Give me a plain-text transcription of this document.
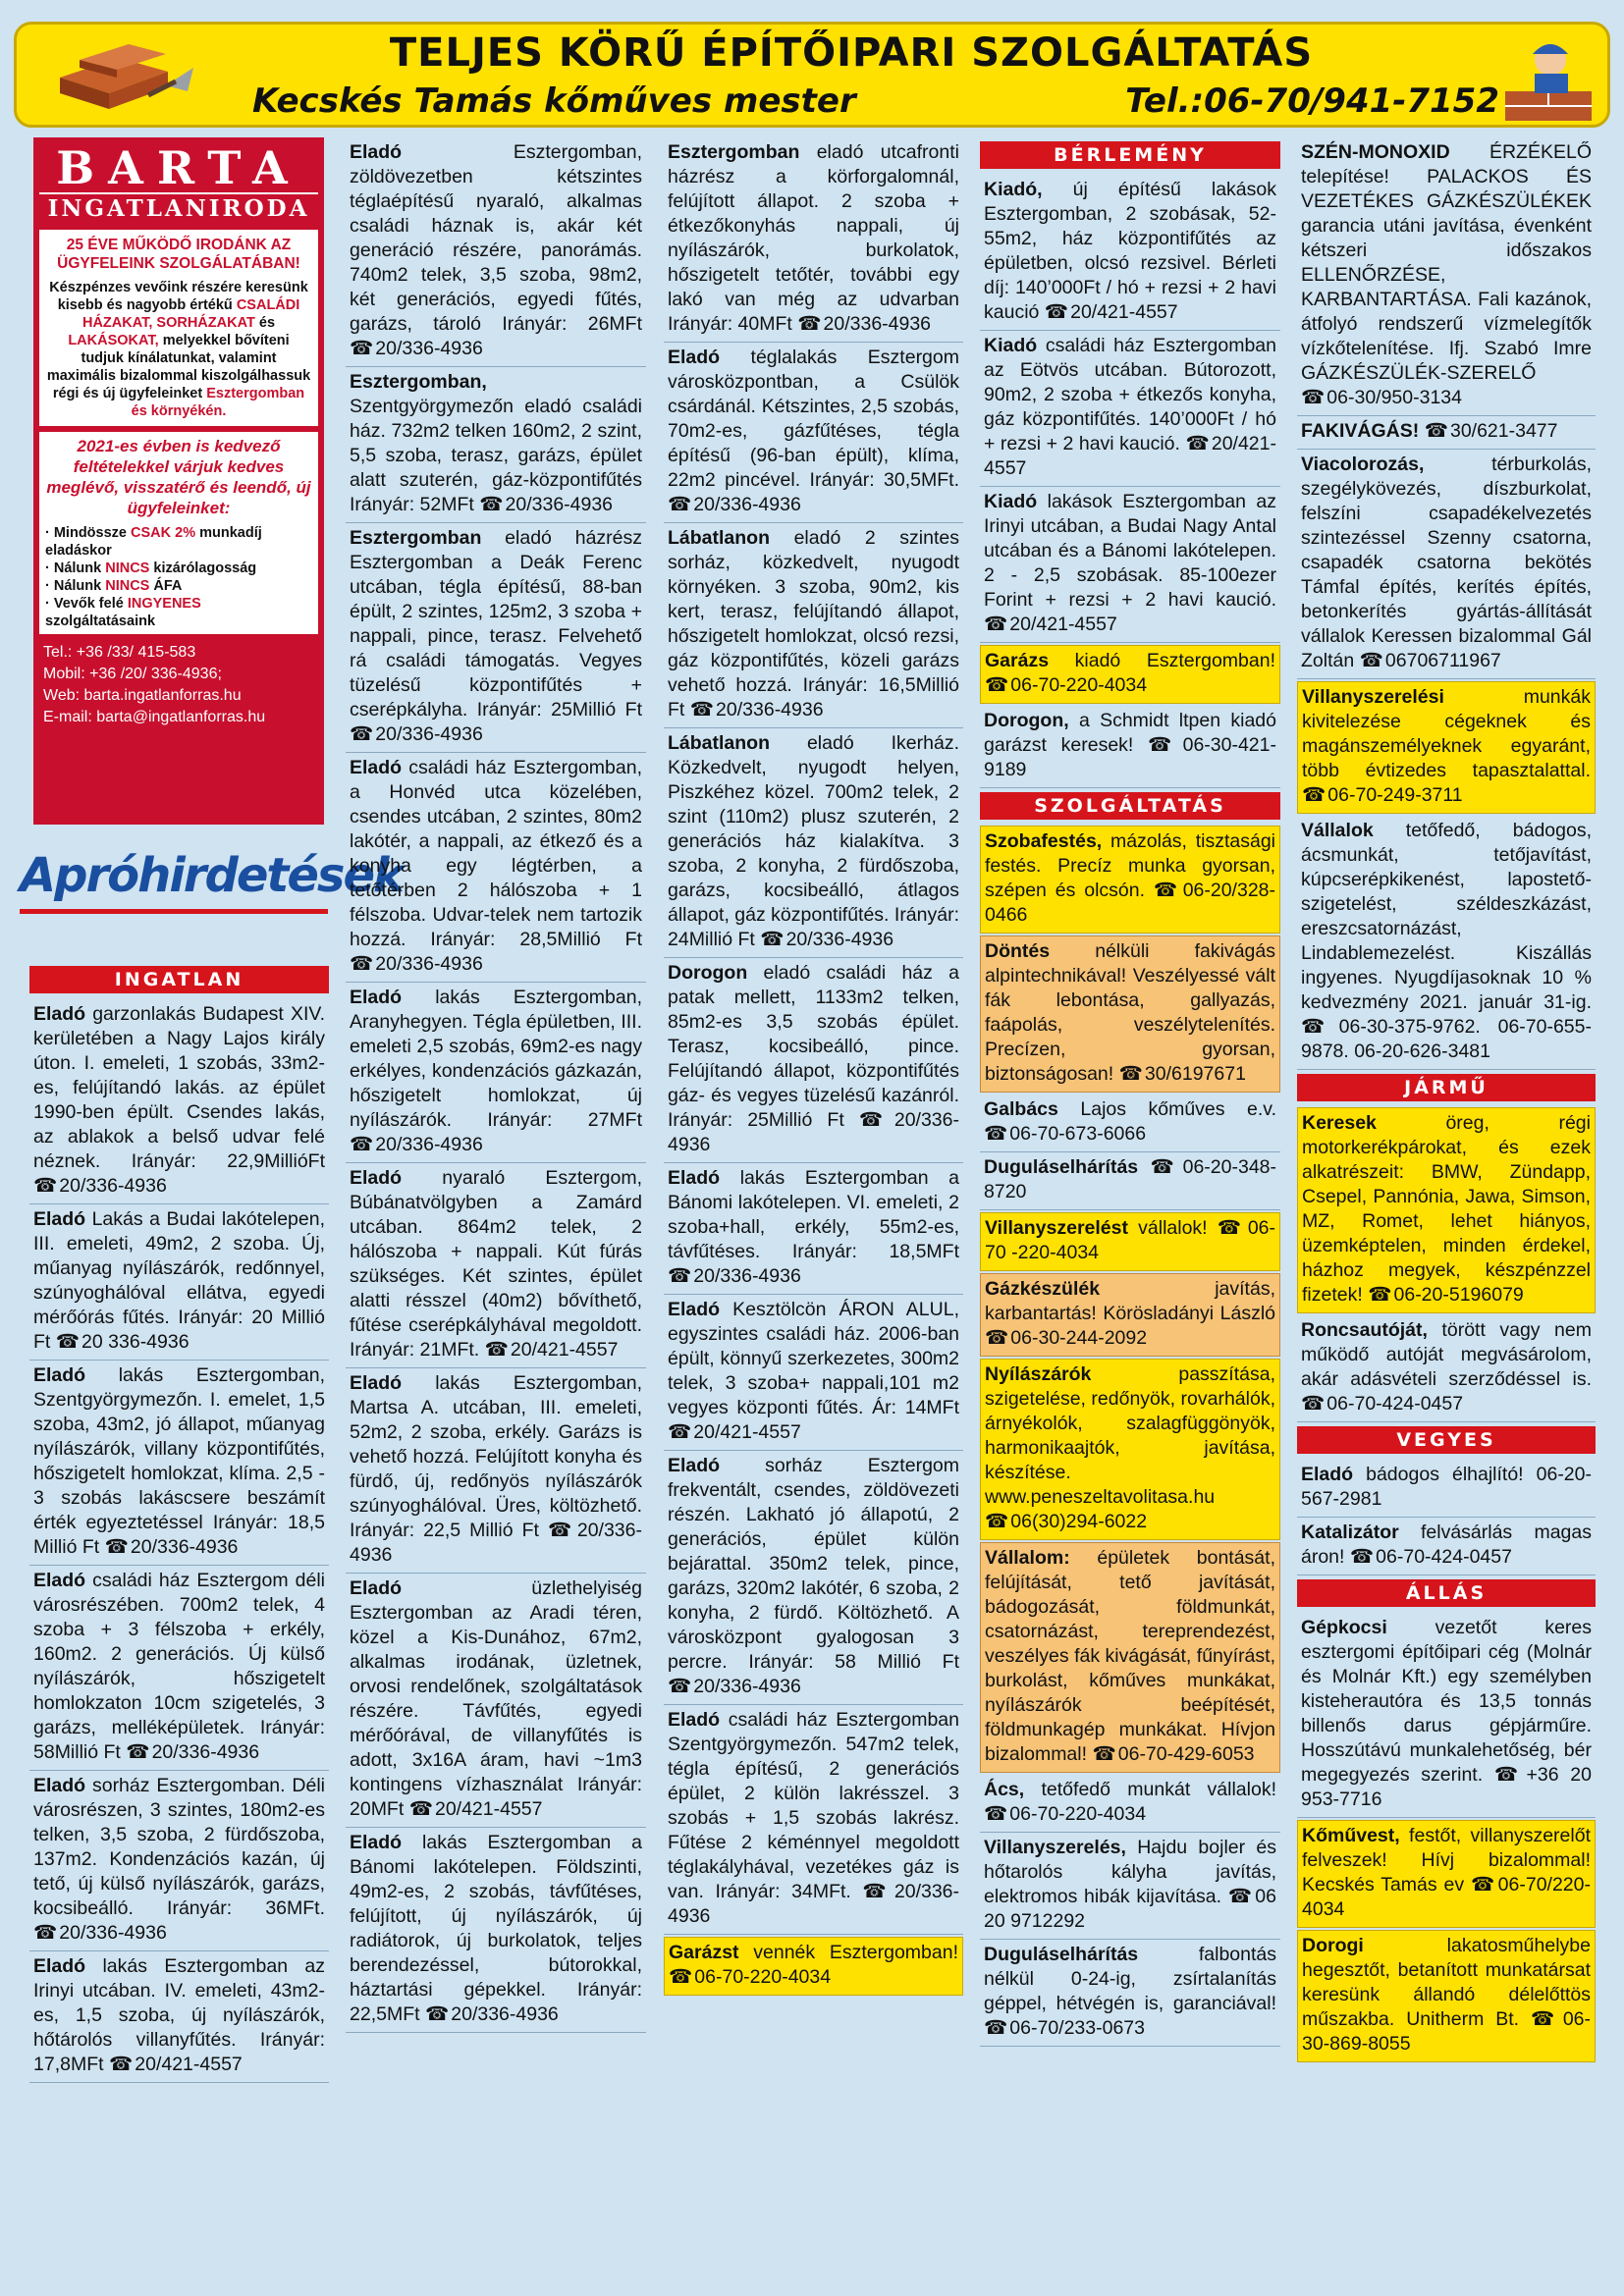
TELJES KÖRŰ ÉPÍTŐIPARI SZOLGÁLTATÁS
Kecskés Tamás kőműves mester	Tel.:06-70/941-7152
BARTA
INGATLANIRODA
25 ÉVE MŰKÖDŐ IRODÁNK AZ ÜGYFELEINK SZOLGÁLATÁBAN!
Készpénzes vevőink részére keresünk kisebb és nagyobb értékű CSALÁDI HÁZAKAT, SORHÁZAKAT és LAKÁSOKAT, melyekkel bővíteni tudjuk kínálatunkat, valamint maximális bizalommal kiszolgálhassuk régi és új ügyfeleinket Esztergomban és környékén.
2021-es évben is kedvező feltételekkel várjuk kedves meglévő, visszatérő és leendő, új ügyfeleinket:
· Mindössze CSAK 2% munkadíj eladáskor
· Nálunk NINCS kizárólagosság
· Nálunk NINCS ÁFA
· Vevők felé INGYENES szolgáltatásaink
Tel.: +36 /33/ 415-583
Mobil: +36 /20/ 336-4936;
Web: barta.ingatlanforras.hu
E-mail: barta@ingatlanforras.hu
Apróhirdetések
INGATLAN
Eladó garzonlakás Budapest XIV. kerületében a Nagy Lajos király úton. I. emeleti, 1 szobás, 33m2-es, felújítandó lakás. az épület 1990-ben épült. Csendes lakás, az ablakok a belső udvar felé néznek. Irányár: 22,9MillióFt ☎ 20/336-4936
Eladó Lakás a Budai lakótelepen, III. emeleti, 49m2, 2 szoba. Új, műanyag nyílászárók, redőnnyel, szúnyoghálóval ellátva, egyedi mérőórás fűtés. Irányár: 20 Millió Ft ☎ 20 336-4936
Eladó lakás Esztergomban, Szentgyörgymezőn. I. emelet, 1,5 szoba, 43m2, jó állapot, műanyag nyílászárók, villany központifűtés, hőszigetelt homlokzat, klíma. 2,5 - 3 szobás lakáscsere beszámít érték egyeztetéssel Irányár: 18,5 Millió Ft ☎ 20/336-4936
Eladó családi ház Esztergom déli városrészében. 700m2 telek, 4 szoba + 3 félszoba + erkély, 160m2. 2 generációs. Új külső nyílászárók, hőszigetelt homlokzaton 10cm szigetelés, 3 garázs, melléképületek. Irányár: 58Millió Ft ☎ 20/336-4936
Eladó sorház Esztergomban. Déli városrészen, 3 szintes, 180m2-es telken, 3,5 szoba, 2 fürdőszoba, 137m2. Kondenzációs kazán, új tető, új külső nyílászárók, garázs, kocsibeálló. Irányár: 36MFt. ☎ 20/336-4936
Eladó lakás Esztergomban az Irinyi utcában. IV. emeleti, 43m2-es, 1,5 szoba, új nyílászárók, hőtárolós villanyfűtés. Irányár: 17,8MFt ☎ 20/421-4557
Eladó Esztergomban, zöldövezetben kétszintes téglaépítésű nyaraló, alkalmas családi háznak is, akár két generáció részére, panorámás. 740m2 telek, 3,5 szoba, 98m2, két generációs, egyedi fűtés, garázs, tároló Irányár: 26MFt ☎ 20/336-4936
Esztergomban, Szentgyörgymezőn eladó családi ház. 732m2 telken 160m2, 2 szint, 5,5 szoba, terasz, garázs, épület alatt szuterén, gáz-központifűtés Irányár: 52MFt ☎ 20/336-4936
Esztergomban eladó házrész Esztergomban a Deák Ferenc utcában, tégla építésű, 88-ban épült, 2 szintes, 125m2, 3 szoba + nappali, pince, terasz. Felvehető rá családi támogatás. Vegyes tüzelésű központifűtés + cserépkályha. Irányár: 25Millió Ft ☎ 20/336-4936
Eladó családi ház Esztergomban, a Honvéd utca közelében, csendes utcában, 2 szintes, 80m2 lakótér, a nappali, az étkező és a konyha egy légtérben, a tetőtérben 2 hálószoba + 1 félszoba. Udvar-telek nem tartozik hozzá. Irányár: 28,5Millió Ft ☎ 20/336-4936
Eladó lakás Esztergomban, Aranyhegyen. Tégla épületben, III. emeleti 2,5 szobás, 69m2-es nagy erkélyes, kondenzációs gázkazán, hőszigetelt homlokzat, új nyílászárók. Irányár: 27MFt ☎ 20/336-4936
Eladó nyaraló Esztergom, Búbánatvölgyben a Zamárd utcában. 864m2 telek, 2 hálószoba + nappali. Kút fúrás szükséges. Két szintes, épület alatti résszel (40m2) bővíthető, fűtése cserépkályhával megoldott. Irányár: 21MFt. ☎ 20/421-4557
Eladó lakás Esztergomban, Martsa A. utcában, III. emeleti, 52m2, 2 szoba, erkély. Garázs is vehető hozzá. Felújított konyha és fürdő, új, redőnyös nyílászárók szúnyoghálóval. Üres, költözhető. Irányár: 22,5 Millió Ft ☎ 20/336-4936
Eladó üzlethelyiség Esztergomban az Aradi téren, közel a Kis-Dunához, 67m2, alkalmas irodának, üzletnek, orvosi rendelőnek, szolgáltatások részére. Távfűtés, egyedi mérőórával, de villanyfűtés is adott, 3x16A áram, havi ~1m3 kontingens vízhasználat Irányár: 20MFt ☎ 20/421-4557
Eladó lakás Esztergomban a Bánomi lakótelepen. Földszinti, 49m2-es, 2 szobás, távfűtéses, felújított, új nyílászárók, új radiátorok, új burkolatok, teljes berendezéssel, bútorokkal, háztartási gépekkel. Irányár: 22,5MFt ☎ 20/336-4936
Esztergomban eladó utcafronti házrész a körforgalomnál, felújított állapot. 2 szoba + étkezőkonyhás nappali, új nyílászárók, burkolatok, hőszigetelt tetőtér, további egy lakó van még az udvarban Irányár: 40MFt ☎ 20/336-4936
Eladó téglalakás Esztergom városközpontban, a Csülök csárdánál. Kétszintes, 2,5 szobás, 70m2-es, gázfűtéses, tégla építésű (96-ban épült), klíma, 22m2 pincével. Irányár: 30,5MFt. ☎ 20/336-4936
Lábatlanon eladó 2 szintes sorház, közkedvelt, nyugodt környéken. 3 szoba, 90m2, kis kert, terasz, felújítandó állapot, hőszigetelt homlokzat, olcsó rezsi, gáz központifűtés, közeli garázs vehető hozzá. Irányár: 16,5Millió Ft ☎ 20/336-4936
Lábatlanon eladó Ikerház. Közkedvelt, nyugodt helyen, Piszkéhez közel. 700m2 telek, 2 szint (110m2) plusz szuterén, 2 generációs ház kialakítva. 3 szoba, 2 konyha, 2 fürdőszoba, garázs, kocsibeálló, átlagos állapot, gáz központifűtés. Irányár: 24Millió Ft ☎ 20/336-4936
Dorogon eladó családi ház a patak mellett, 1133m2 telken, 85m2-es 3,5 szobás épület. Terasz, kocsibeálló, pince. Felújítandó állapot, központifűtés gáz- és vegyes tüzelésű kazánról. Irányár: 25Millió Ft ☎ 20/336-4936
Eladó lakás Esztergomban a Bánomi lakótelepen. VI. emeleti, 2 szoba+hall, erkély, 55m2-es, távfűtéses. Irányár: 18,5MFt ☎ 20/336-4936
Eladó Kesztölcön ÁRON ALUL, egyszintes családi ház. 2006-ban épült, könnyű szerkezetes, 300m2 telek, 3 szoba+ nappali,101 m2 vegyes központi fűtés. Ár: 14MFt ☎ 20/421-4557
Eladó sorház Esztergom frekventált, csendes, zöldövezeti részén. Lakható jó állapotú, 2 generációs, épület külön bejárattal. 350m2 telek, pince, garázs, 320m2 lakótér, 6 szoba, 2 konyha, 2 fürdő. Költözhető. A városközpont gyalogosan 3 percre. Irányár: 58 Millió Ft ☎ 20/336-4936
Eladó családi ház Esztergomban Szentgyörgymezőn. 547m2 telek, tégla építésű, 2 generációs épület, 2 külön lakrésszel. 3 szobás + 1,5 szobás lakrész. Fűtése 2 kéménnyel megoldott téglakályhával, vezetékes gáz is van. Irányár: 34MFt. ☎ 20/336-4936
Garázst vennék Esztergomban! ☎ 06-70-220-4034
BÉRLEMÉNY
Kiadó, új építésű lakások Esztergomban, 2 szobásak, 52-55m2, ház központifűtés az épületben, olcsó rezsivel. Bérleti díj: 140’000Ft / hó + rezsi + 2 havi kaució ☎ 20/421-4557
Kiadó családi ház Esztergomban az Eötvös utcában. Bútorozott, 90m2, 2 szoba + étkezős konyha, gáz központifűtés. 140’000Ft / hó + rezsi + 2 havi kaució. ☎ 20/421-4557
Kiadó lakások Esztergomban az Irinyi utcában, a Budai Nagy Antal utcában és a Bánomi lakótelepen. 2 - 2,5 szobásak. 85-100ezer Forint + rezsi + 2 havi kaució. ☎ 20/421-4557
Garázs kiadó Esztergomban! ☎ 06-70-220-4034
Dorogon, a Schmidt ltpen kiadó garázst keresek! ☎ 06-30-421-9189
SZOLGÁLTATÁS
Szobafestés, mázolás, tisztasági festés. Precíz munka gyorsan, szépen és olcsón. ☎ 06-20/328-0466
Döntés nélküli fakivágás alpintechnikával! Veszélyessé vált fák lebontása, gallyazás, faápolás, veszélytelenítés. Precízen, gyorsan, biztonságosan! ☎ 30/6197671
Galbács Lajos kőműves e.v. ☎ 06-70-673-6066
Duguláselhárítás ☎ 06-20-348-8720
Villanyszerelést vállalok! ☎ 06-70 -220-4034
Gázkészülék javítás, karbantartás! Körösladányi László ☎ 06-30-244-2092
Nyílászárók passzítása, szigetelése, redőnyök, rovarhálók, árnyékolók, szalagfüggönyök, harmonikaajtók, javítása, készítése. www.peneszeltavolitasa.hu ☎ 06(30)294-6022
Vállalom: épületek bontását, felújítását, tető javítását, bádogozását, földmunkát, csatornázást, tereprendezést, veszélyes fák kivágását, fűnyírást, burkolást, kőműves munkákat, nyílászárók beépítését, földmunkagép munkákat. Hívjon bizalommal! ☎ 06-70-429-6053
Ács, tetőfedő munkát vállalok! ☎ 06-70-220-4034
Villanyszerelés, Hajdu bojler és hőtarolós kályha javítás, elektromos hibák kijavítása. ☎ 06 20 9712292
Duguláselhárítás falbontás nélkül 0-24-ig, zsírtalanítás géppel, hétvégén is, garanciával! ☎ 06-70/233-0673
SZÉN-MONOXID ÉRZÉKELŐ telepítése! PALACKOS ÉS VEZETÉKES GÁZKÉSZÜLÉKEK garancia utáni javítása, évenként kétszeri időszakos ELLENŐRZÉSE, KARBANTARTÁSA. Fali kazánok, átfolyó rendszerű vízmelegítők vízkőtelenítése. Ifj. Szabó Imre GÁZKÉSZÜLÉK-SZERELŐ ☎ 06-30/950-3134
FAKIVÁGÁS! ☎ 30/621-3477
Viacolorozás, térburkolás, szegélykövezés, díszburkolat, felszíni csapadékelvezetés szintezéssel Szenny csatorna, csapadék csatorna bekötés Támfal építés, kerítés építés, betonkerítés gyártás-állítását vállalok Keressen bizalommal Gál Zoltán ☎ 06706711967
Villanyszerelési munkák kivitelezése cégeknek és magánszemélyeknek egyaránt, több évtizedes tapasztalattal. ☎ 06-70-249-3711
Vállalok tetőfedő, bádogos, ácsmunkát, tetőjavítást, kúpcserépkikenést, lapostető-szigetelést, széldeszkázást, ereszcsatornázást, Lindablemezelést. Kiszállás ingyenes. Nyugdíjasoknak 10 % kedvezmény 2021. január 31-ig. ☎ 06-30-375-9762. 06-70-655-9878. 06-20-626-3481
JÁRMŰ
Keresek öreg, régi motorkerékpárokat, és ezek alkatrészeit: BMW, Zündapp, Csepel, Pannónia, Jawa, Simson, MZ, Romet, lehet hiányos, üzemképtelen, minden érdekel, házhoz megyek, készpénzzel fizetek! ☎ 06-20-5196079
Roncsautóját, törött vagy nem működő autóját megvásárolom, akár adásvételi szerződéssel is. ☎ 06-70-424-0457
VEGYES
Eladó bádogos élhajlító! 06-20-567-2981
Katalizátor felvásárlás magas áron! ☎ 06-70-424-0457
ÁLLÁS
Gépkocsi vezetőt keres esztergomi építőipari cég (Molnár és Molnár Kft.) egy személyben kisteherautóra és 13,5 tonnás billenős darus gépjárműre. Hosszútávú munkalehetőség, bér megegyezés szerint. ☎ +36 20 953-7716
Kőművest, festőt, villanyszerelőt felveszek! Hívj bizalommal! Kecskés Tamás ev ☎ 06-70/220-4034
Dorogi lakatosműhelybe hegesztőt, betanított munkatársat keresünk állandó délelőttös műszakba. Unitherm Bt. ☎ 06-30-869-8055
